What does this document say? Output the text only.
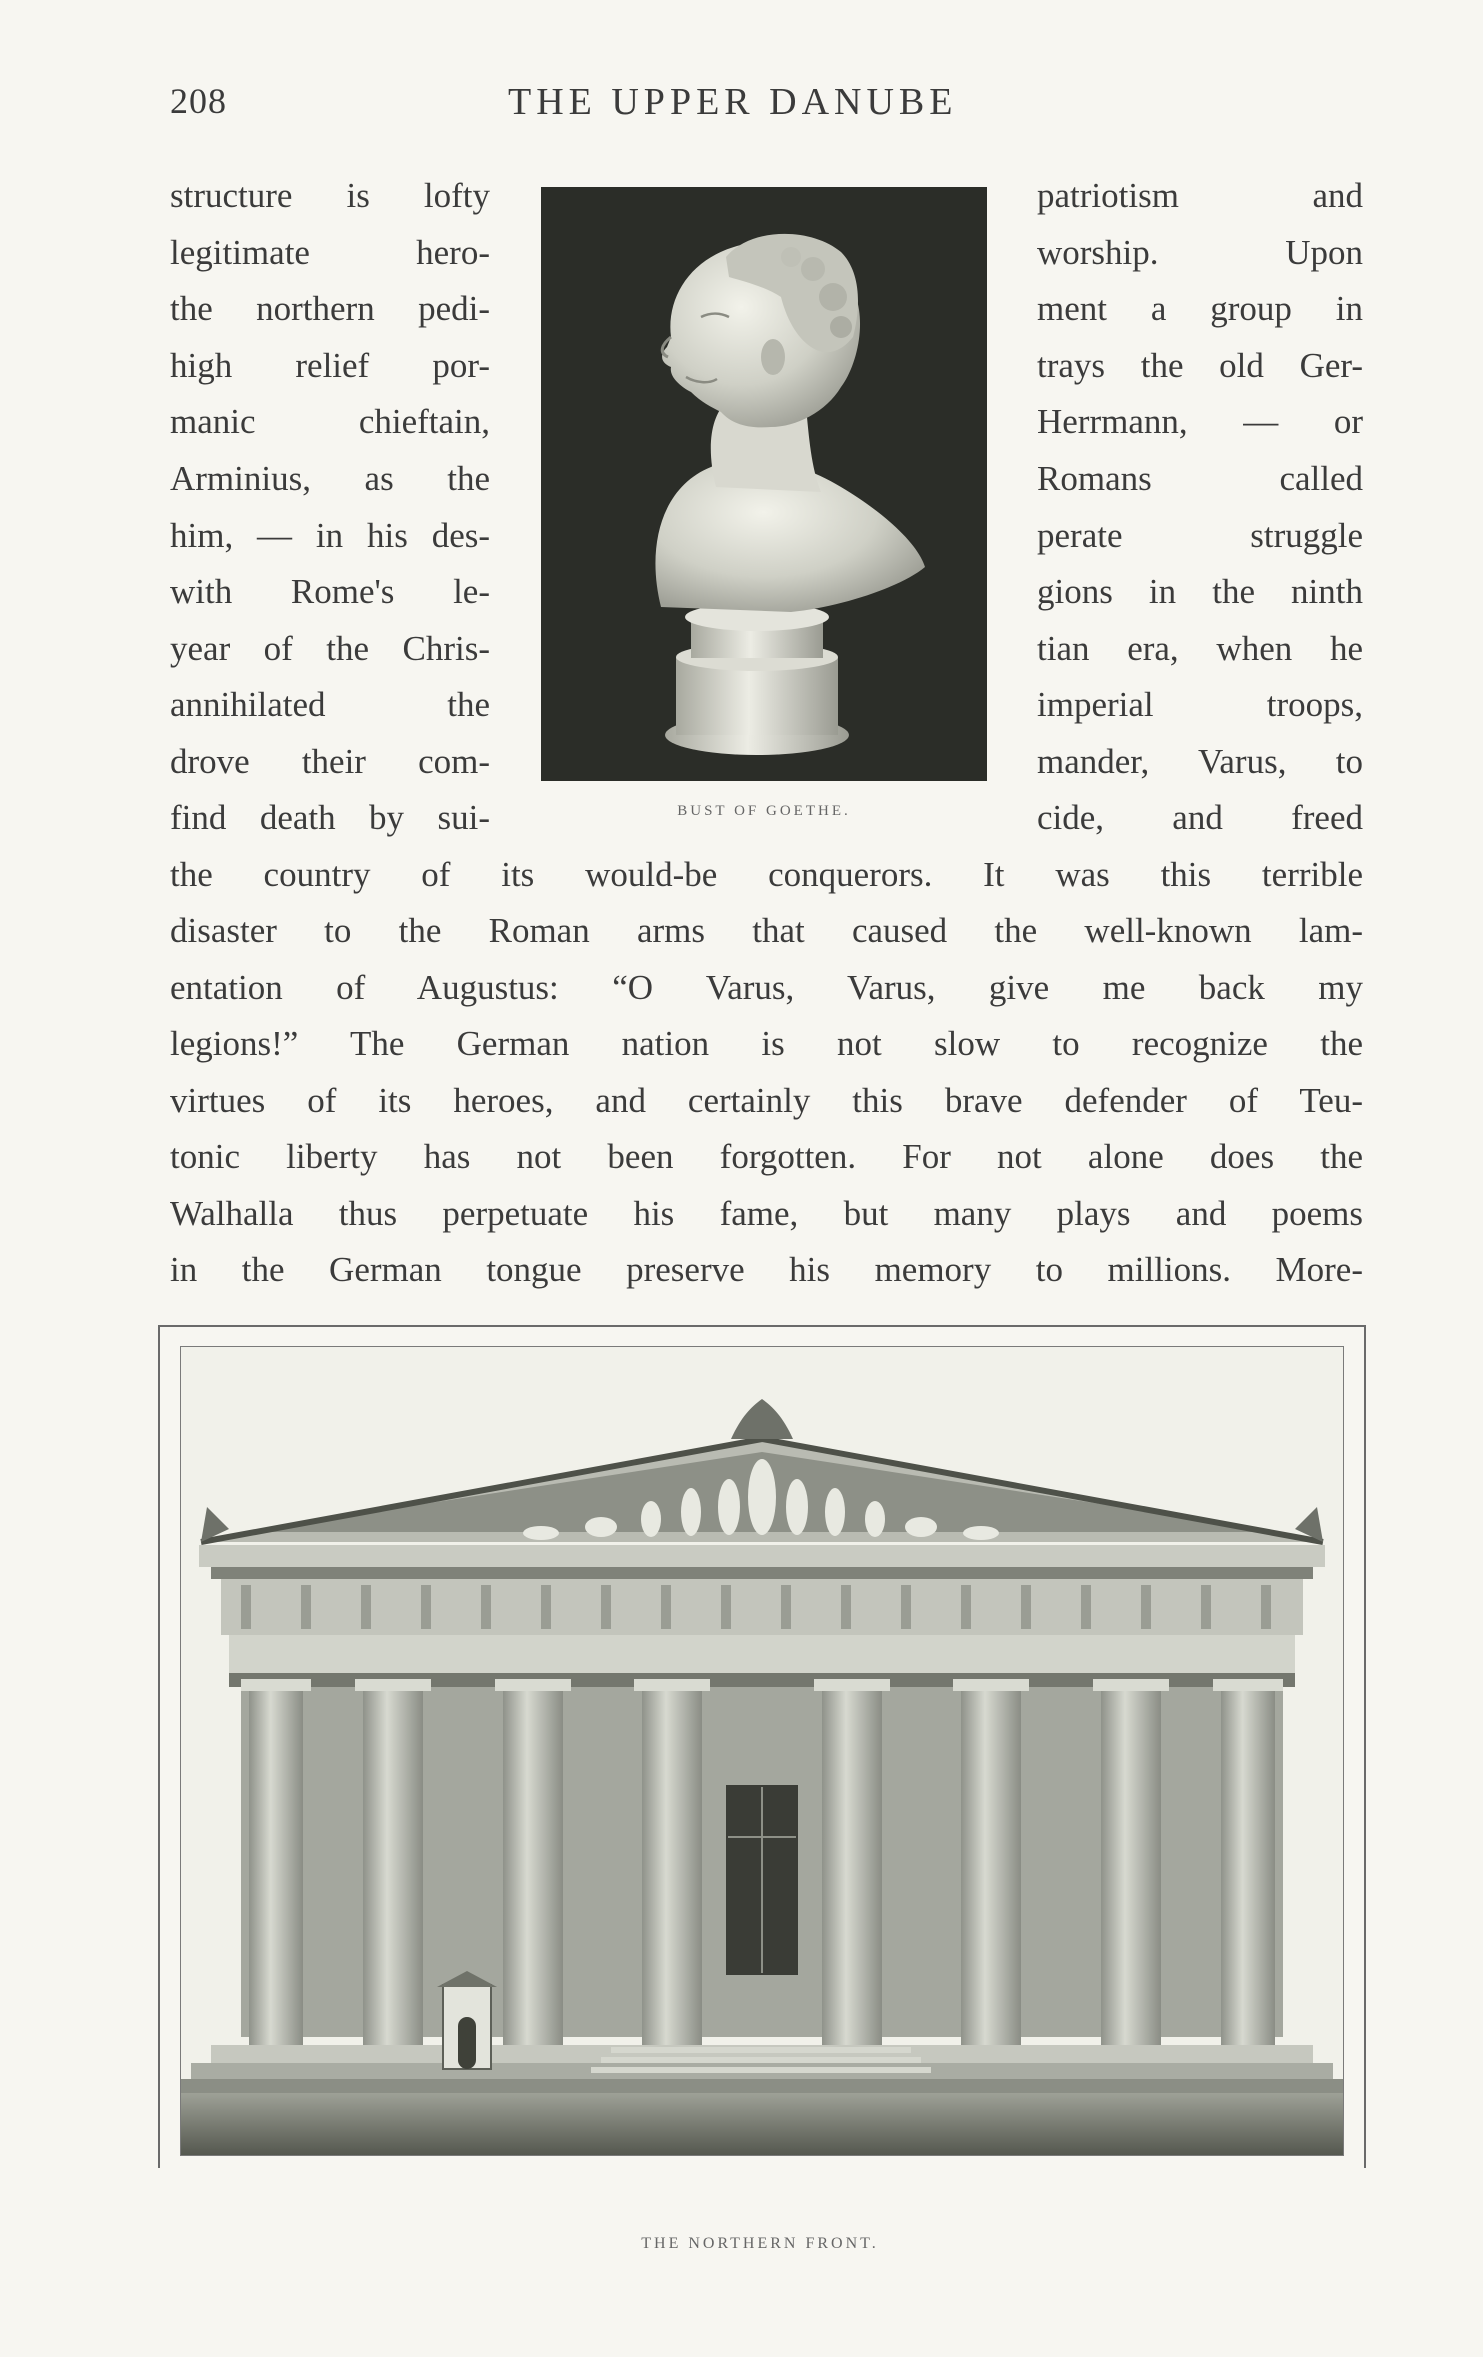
208	THE UPPER DANUBE
structure is lofty
legitimate hero-
the northern pedi-
high relief por-
manic chieftain,
Arminius, as the
him, — in his des-
with Rome's le-
year of the Chris-
annihilated the
drove their com-
find death by sui-
patriotism and
worship. Upon
ment a group in
trays the old Ger-
Herrmann, — or
Romans called
perate struggle
gions in the ninth
tian era, when he
imperial troops,
mander, Varus, to
cide, and freed
the country of its would-be conquerors. It was this terrible
disaster to the Roman arms that caused the well-known lam-
entation of Augustus: “O Varus, Varus, give me back my
legions!” The German nation is not slow to recognize the
virtues of its heroes, and certainly this brave defender of Teu-
tonic liberty has not been forgotten. For not alone does the
Walhalla thus perpetuate his fame, but many plays and poems
in the German tongue preserve his memory to millions. More-
BUST OF GOETHE.
THE NORTHERN FRONT.
